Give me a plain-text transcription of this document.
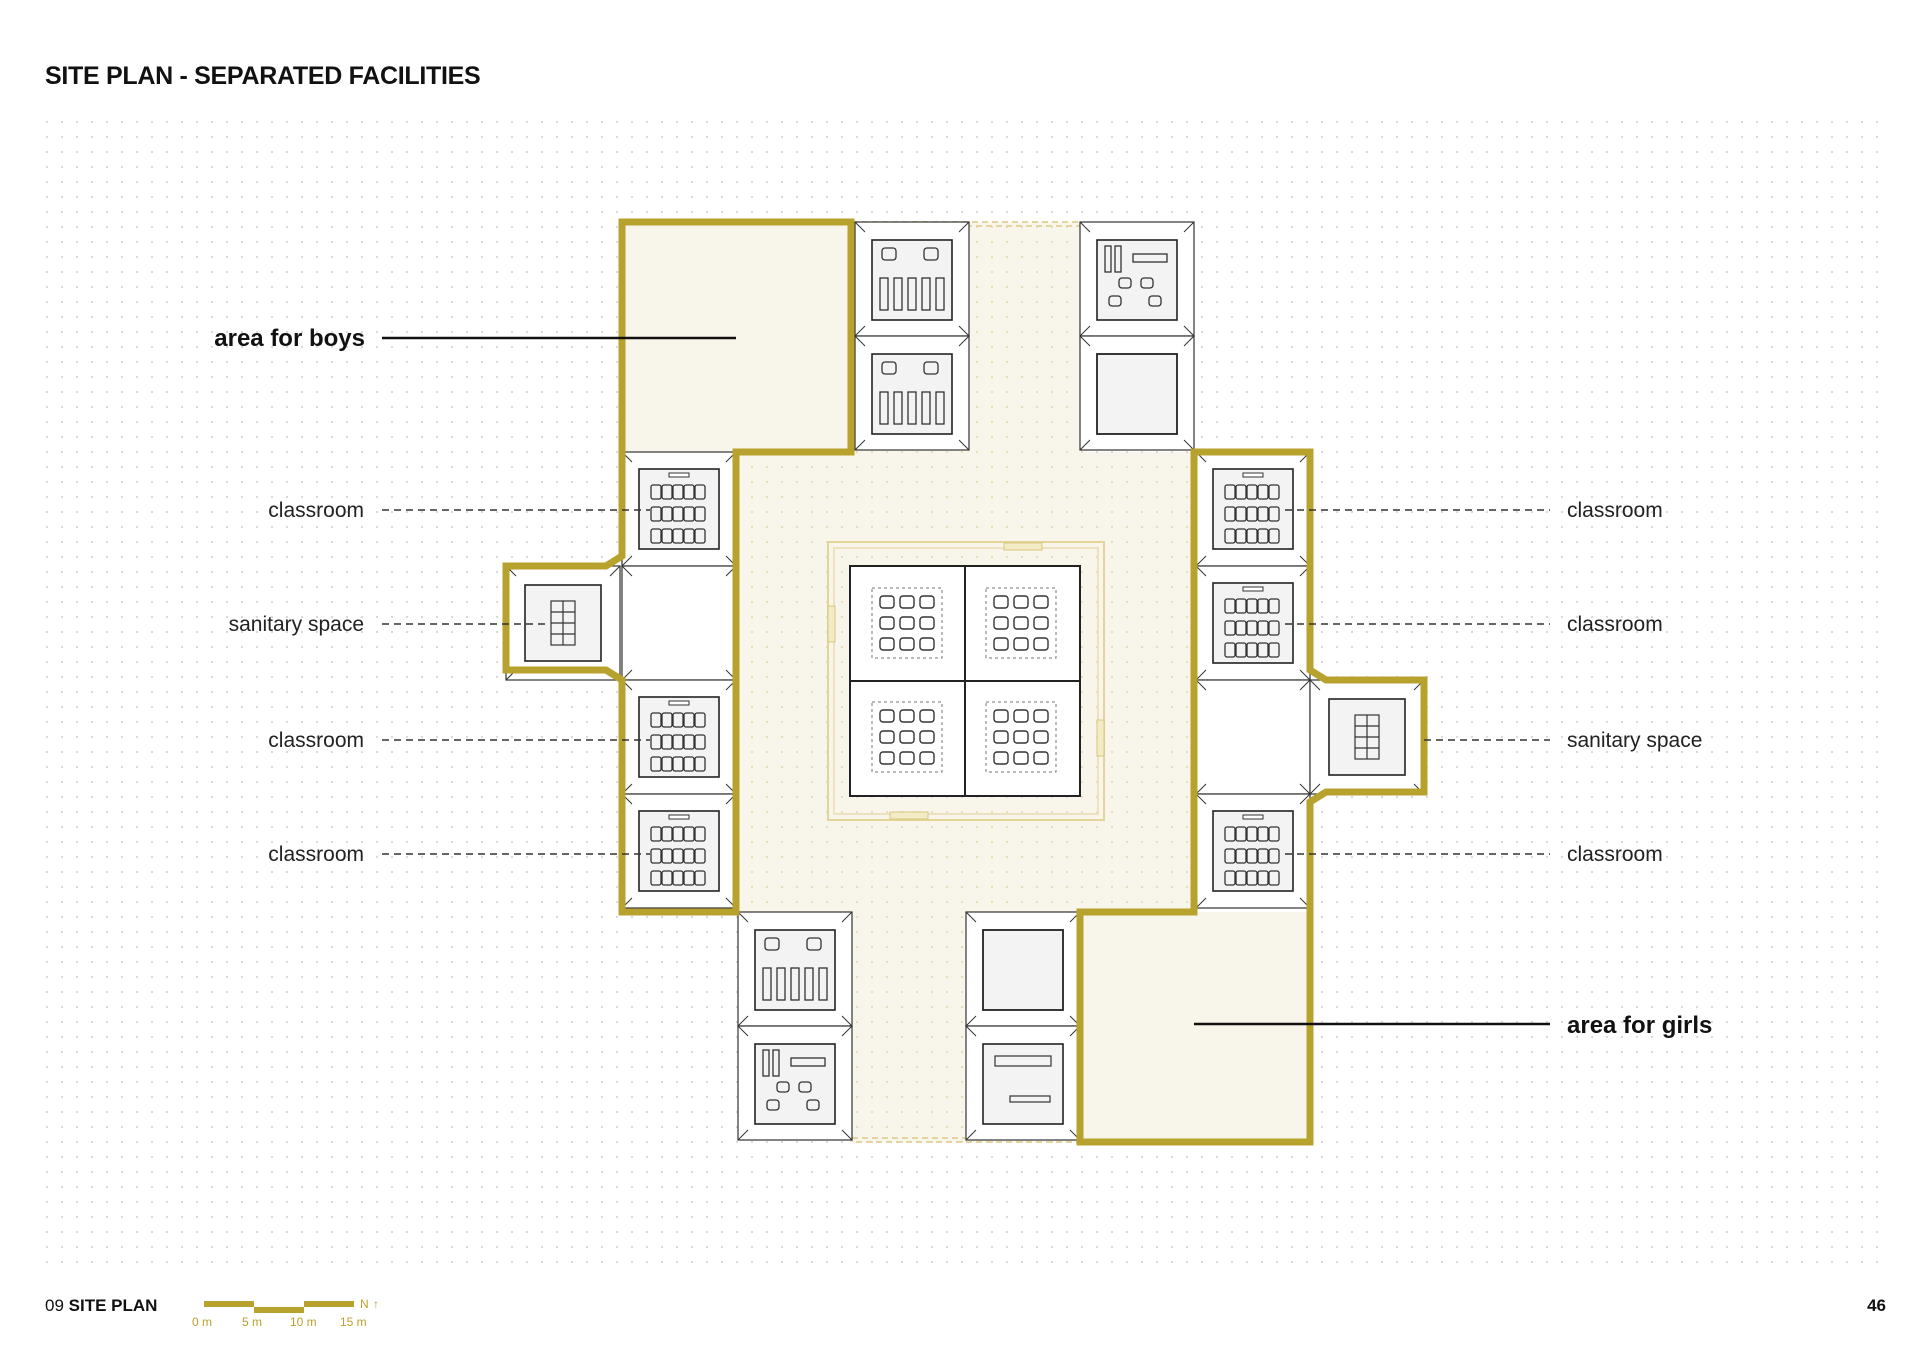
SITE PLAN - SEPARATED FACILITIES
area for boys
area for girls
classroom
sanitary space
classroom
classroom
classroom
classroom
sanitary space
classroom
09 SITE PLAN	N ↑
0 m 5 m 10 m 15 m
46
